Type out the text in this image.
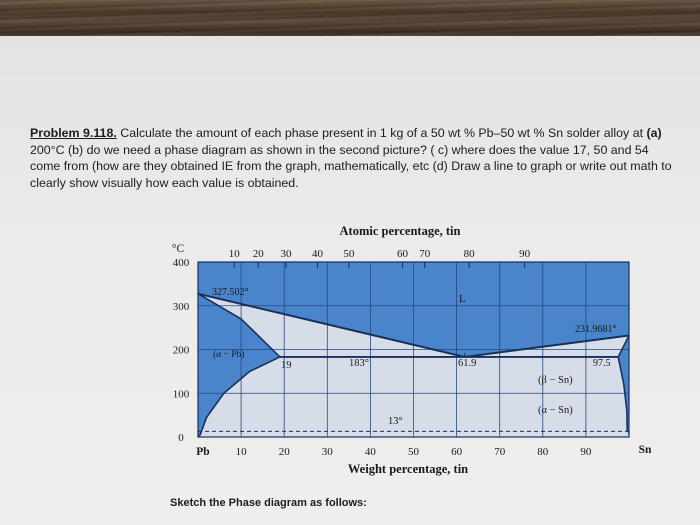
Problem 9.118. Calculate the amount of each phase present in 1 kg of a 50 wt % Pb–50 wt % Sn solder alloy at (a) 200°C (b) do we need a phase diagram as shown in the second picture? ( c) where does the value 17, 50 and 54 come from (how are they obtained IE from the graph, mathematically, etc (d) Draw a line to graph or write out math to clearly show visually how each value is obtained.
Atomic percentage, tin
10 20 30 40 50	60 70	80	90
°C
400
300
200
100
0
10	20	30	40	50	60	70	80	90
Pb	Sn
Weight percentage, tin
327.502°
L
231.9681°
(α − Pb)
183°
19	61.9	97.5
(β − Sn)
(α − Sn)
13°
Sketch the Phase diagram as follows:
